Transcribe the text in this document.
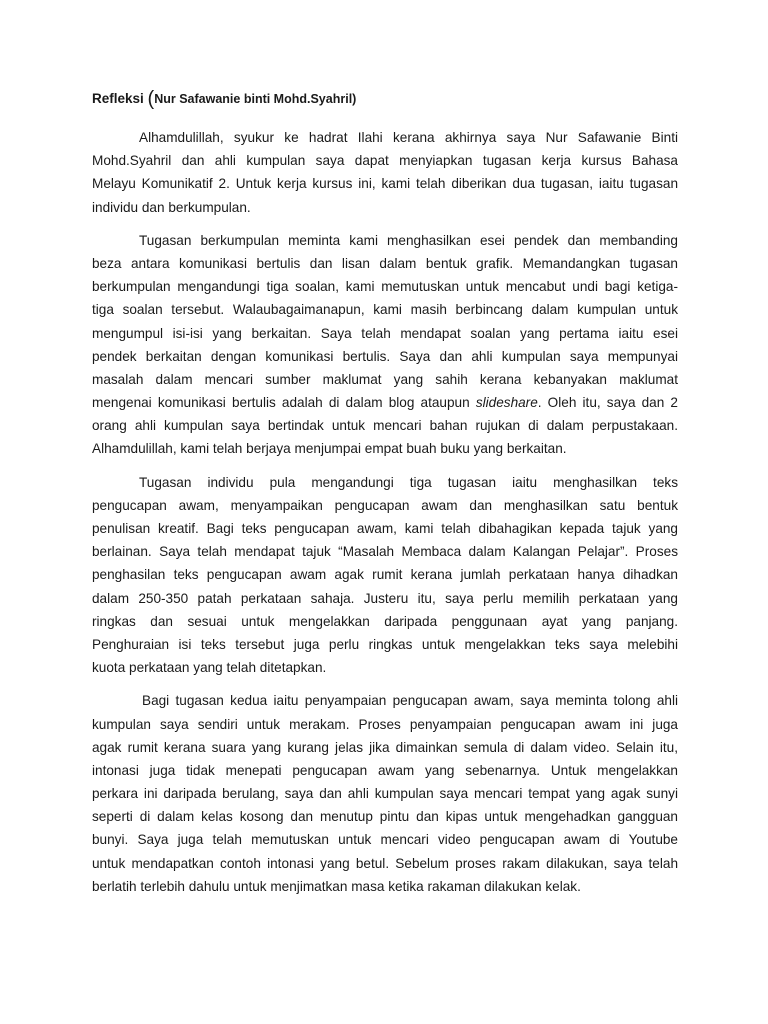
Refleksi (Nur Safawanie binti Mohd.Syahril)

Alhamdulillah, syukur ke hadrat Ilahi kerana akhirnya saya Nur Safawanie Binti
Mohd.Syahril dan ahli kumpulan saya dapat menyiapkan tugasan kerja kursus Bahasa
Melayu Komunikatif 2. Untuk kerja kursus ini, kami telah diberikan dua tugasan, iaitu tugasan
individu dan berkumpulan.

Tugasan berkumpulan meminta kami menghasilkan esei pendek dan membanding
beza antara komunikasi bertulis dan lisan dalam bentuk grafik. Memandangkan tugasan
berkumpulan mengandungi tiga soalan, kami memutuskan untuk mencabut undi bagi ketiga-
tiga soalan tersebut. Walaubagaimanapun, kami masih berbincang dalam kumpulan untuk
mengumpul isi-isi yang berkaitan. Saya telah mendapat soalan yang pertama iaitu esei
pendek berkaitan dengan komunikasi bertulis. Saya dan ahli kumpulan saya mempunyai
masalah dalam mencari sumber maklumat yang sahih kerana kebanyakan maklumat
mengenai komunikasi bertulis adalah di dalam blog ataupun slideshare. Oleh itu, saya dan 2
orang ahli kumpulan saya bertindak untuk mencari bahan rujukan di dalam perpustakaan.
Alhamdulillah, kami telah berjaya menjumpai empat buah buku yang berkaitan.

Tugasan individu pula mengandungi tiga tugasan iaitu menghasilkan teks
pengucapan awam, menyampaikan pengucapan awam dan menghasilkan satu bentuk
penulisan kreatif. Bagi teks pengucapan awam, kami telah dibahagikan kepada tajuk yang
berlainan. Saya telah mendapat tajuk “Masalah Membaca dalam Kalangan Pelajar”. Proses
penghasilan teks pengucapan awam agak rumit kerana jumlah perkataan hanya dihadkan
dalam 250-350 patah perkataan sahaja. Justeru itu, saya perlu memilih perkataan yang
ringkas dan sesuai untuk mengelakkan daripada penggunaan ayat yang panjang.
Penghuraian isi teks tersebut juga perlu ringkas untuk mengelakkan teks saya melebihi
kuota perkataan yang telah ditetapkan.

Bagi tugasan kedua iaitu penyampaian pengucapan awam, saya meminta tolong ahli
kumpulan saya sendiri untuk merakam. Proses penyampaian pengucapan awam ini juga
agak rumit kerana suara yang kurang jelas jika dimainkan semula di dalam video. Selain itu,
intonasi juga tidak menepati pengucapan awam yang sebenarnya. Untuk mengelakkan
perkara ini daripada berulang, saya dan ahli kumpulan saya mencari tempat yang agak sunyi
seperti di dalam kelas kosong dan menutup pintu dan kipas untuk mengehadkan gangguan
bunyi. Saya juga telah memutuskan untuk mencari video pengucapan awam di Youtube
untuk mendapatkan contoh intonasi yang betul. Sebelum proses rakam dilakukan, saya telah
berlatih terlebih dahulu untuk menjimatkan masa ketika rakaman dilakukan kelak.
